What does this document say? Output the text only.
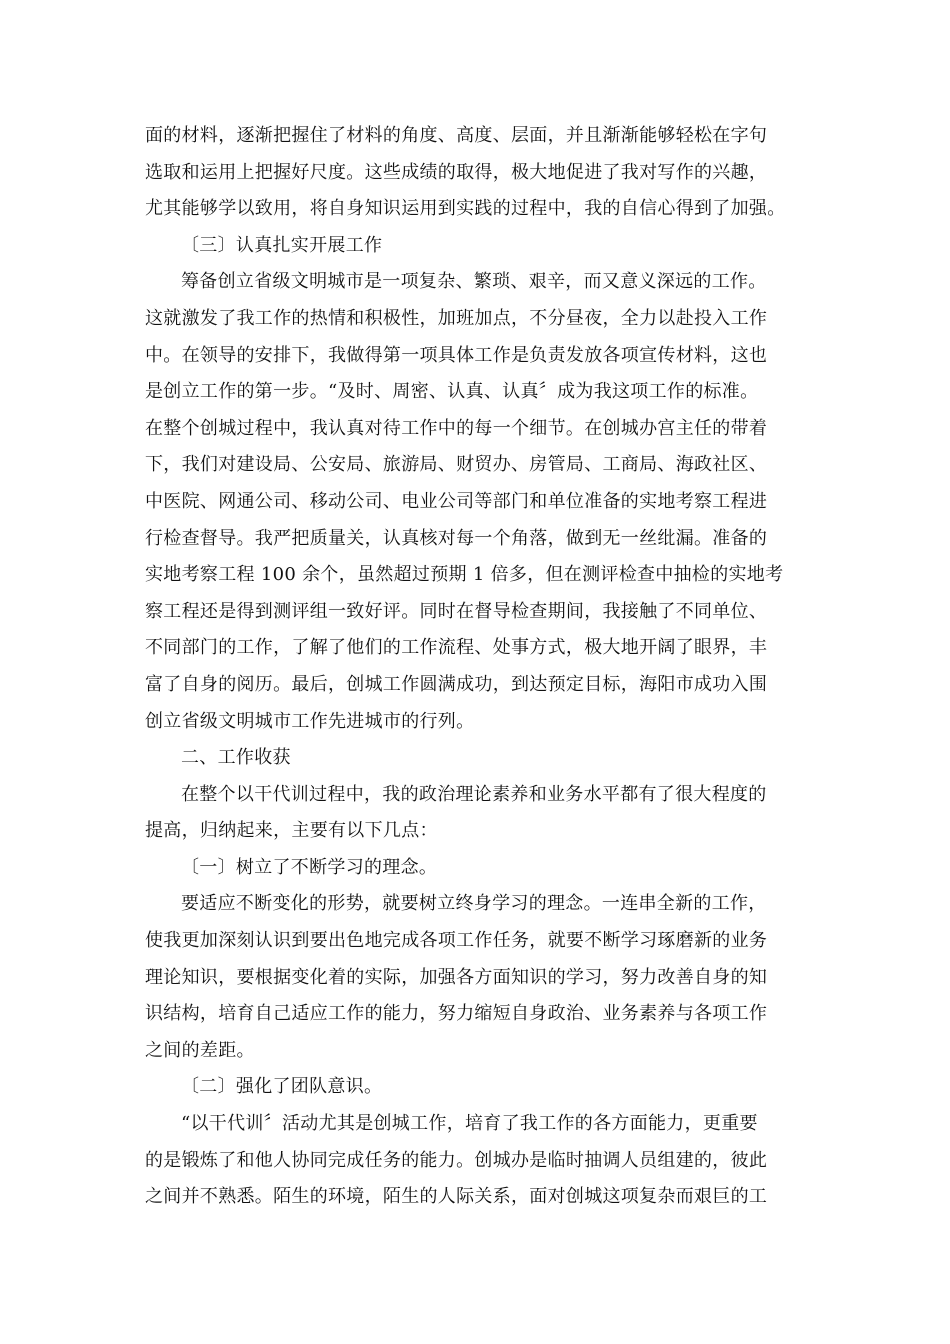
面的材料，逐渐把握住了材料的角度、高度、层面，并且渐渐能够轻松在字句
选取和运用上把握好尺度。这些成绩的取得，极大地促进了我对写作的兴趣，
尤其能够学以致用，将自身知识运用到实践的过程中，我的自信心得到了加强。
〔三〕认真扎实开展工作
筹备创立省级文明城市是一项复杂、繁琐、艰辛，而又意义深远的工作。
这就激发了我工作的热情和积极性，加班加点，不分昼夜，全力以赴投入工作
中。在领导的安排下，我做得第一项具体工作是负责发放各项宣传材料，这也
是创立工作的第一步。“及时、周密、认真、认真〞成为我这项工作的标准。
在整个创城过程中，我认真对待工作中的每一个细节。在创城办宫主任的带着
下，我们对建设局、公安局、旅游局、财贸办、房管局、工商局、海政社区、
中医院、网通公司、移动公司、电业公司等部门和单位准备的实地考察工程进
行检查督导。我严把质量关，认真核对每一个角落，做到无一丝纰漏。准备的
实地考察工程 100 余个，虽然超过预期 1 倍多，但在测评检查中抽检的实地考
察工程还是得到测评组一致好评。同时在督导检查期间，我接触了不同单位、
不同部门的工作，了解了他们的工作流程、处事方式，极大地开阔了眼界，丰
富了自身的阅历。最后，创城工作圆满成功，到达预定目标，海阳市成功入围
创立省级文明城市工作先进城市的行列。
二、工作收获
在整个以干代训过程中，我的政治理论素养和业务水平都有了很大程度的
提高，归纳起来，主要有以下几点：
〔一〕树立了不断学习的理念。
要适应不断变化的形势，就要树立终身学习的理念。一连串全新的工作，
使我更加深刻认识到要出色地完成各项工作任务，就要不断学习琢磨新的业务
理论知识，要根据变化着的实际，加强各方面知识的学习，努力改善自身的知
识结构，培育自己适应工作的能力，努力缩短自身政治、业务素养与各项工作
之间的差距。
〔二〕强化了团队意识。
“以干代训〞活动尤其是创城工作，培育了我工作的各方面能力，更重要
的是锻炼了和他人协同完成任务的能力。创城办是临时抽调人员组建的，彼此
之间并不熟悉。陌生的环境，陌生的人际关系，面对创城这项复杂而艰巨的工
